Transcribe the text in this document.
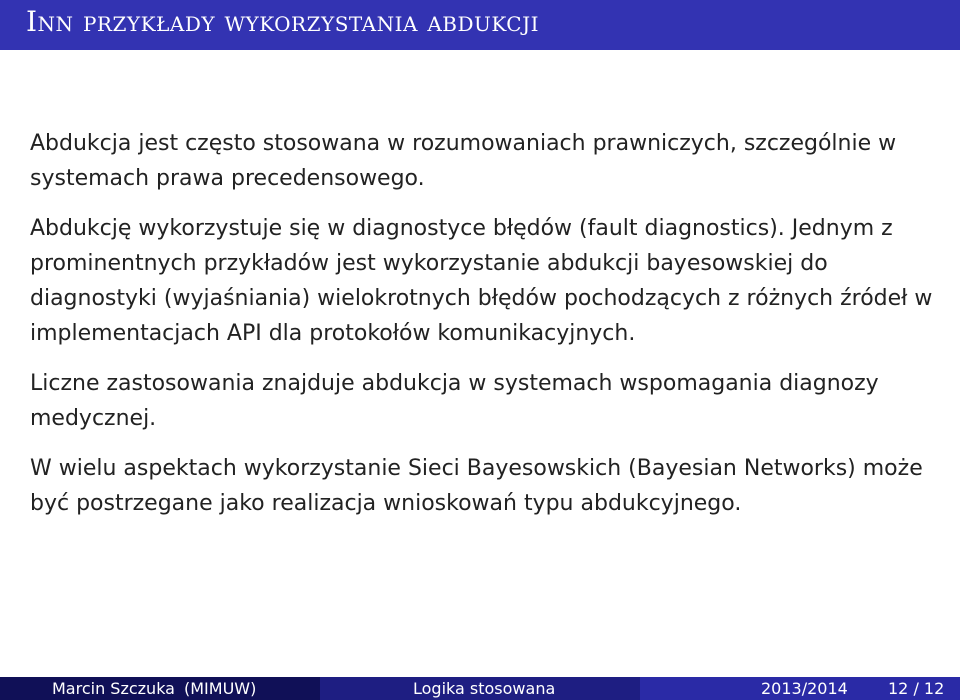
Inn przykłady wykorzystania abdukcji

Abdukcja jest często stosowana w rozumowaniach prawniczych, szczególnie w systemach prawa precedensowego.

Abdukcję wykorzystuje się w diagnostyce błędów (fault diagnostics). Jednym z prominentnych przykładów jest wykorzystanie abdukcji bayesowskiej do diagnostyki (wyjaśniania) wielokrotnych błędów pochodzących z różnych źródeł w implementacjach API dla protokołów komunikacyjnych.

Liczne zastosowania znajduje abdukcja w systemach wspomagania diagnozy medycznej.

W wielu aspektach wykorzystanie Sieci Bayesowskich (Bayesian Networks) może być postrzegane jako realizacja wnioskowań typu abdukcyjnego.

Marcin Szczuka (MIMUW)	Logika stosowana	2013/2014	12 / 12
